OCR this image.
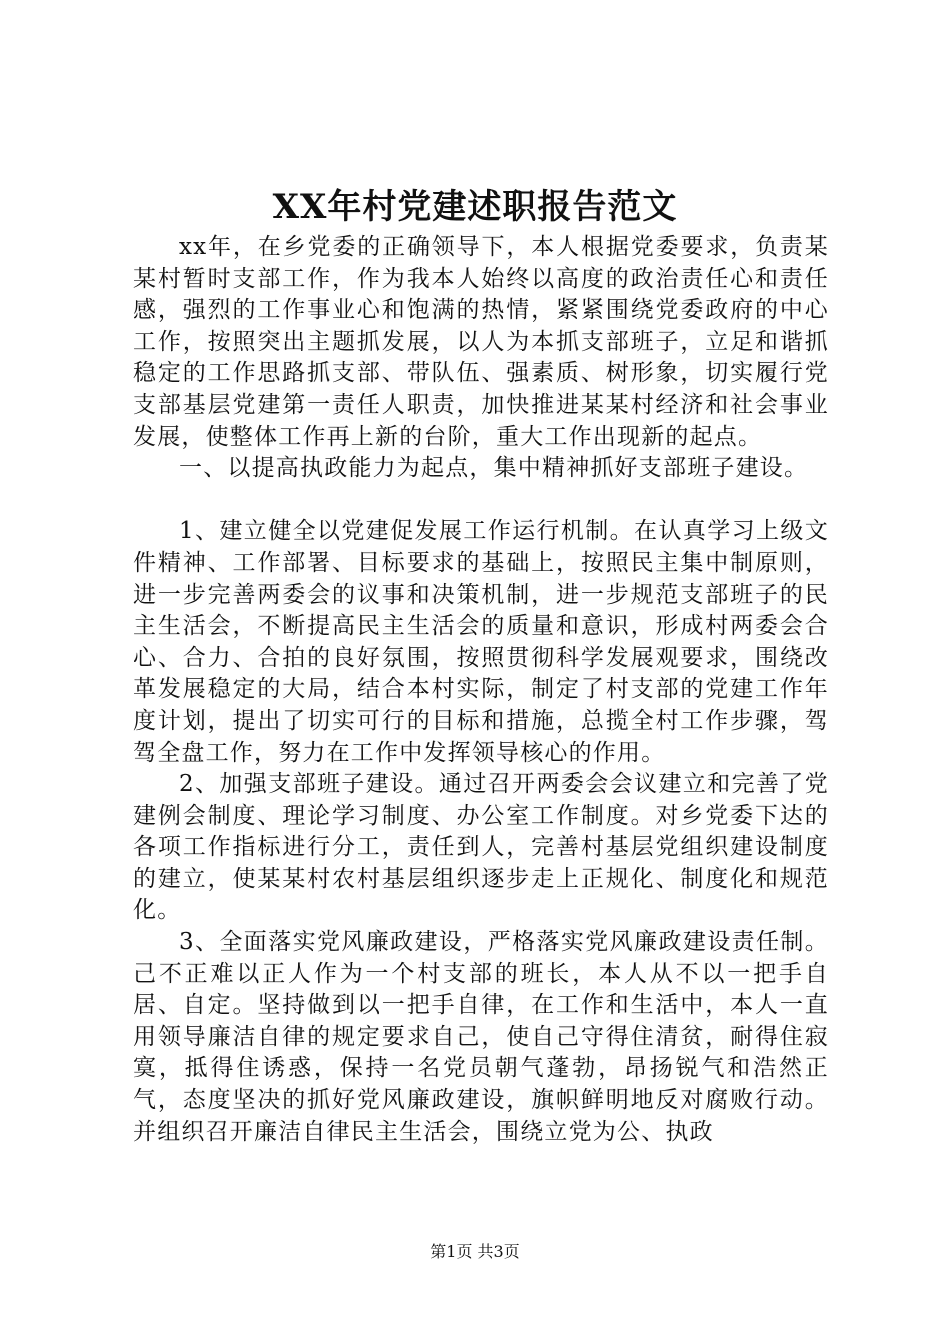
XX年村党建述职报告范文

xx年，在乡党委的正确领导下，本人根据党委要求，负责某某村暂时支部工作，作为我本人始终以高度的政治责任心和责任感，强烈的工作事业心和饱满的热情，紧紧围绕党委政府的中心工作，按照突出主题抓发展，以人为本抓支部班子，立足和谐抓稳定的工作思路抓支部、带队伍、强素质、树形象，切实履行党支部基层党建第一责任人职责，加快推进某某村经济和社会事业发展，使整体工作再上新的台阶，重大工作出现新的起点。

一、以提高执政能力为起点，集中精神抓好支部班子建设。

1、建立健全以党建促发展工作运行机制。在认真学习上级文件精神、工作部署、目标要求的基础上，按照民主集中制原则，进一步完善两委会的议事和决策机制，进一步规范支部班子的民主生活会，不断提高民主生活会的质量和意识，形成村两委会合心、合力、合拍的良好氛围，按照贯彻科学发展观要求，围绕改革发展稳定的大局，结合本村实际，制定了村支部的党建工作年度计划，提出了切实可行的目标和措施，总揽全村工作步骤，驾驾全盘工作，努力在工作中发挥领导核心的作用。

2、加强支部班子建设。通过召开两委会会议建立和完善了党建例会制度、理论学习制度、办公室工作制度。对乡党委下达的各项工作指标进行分工，责任到人，完善村基层党组织建设制度的建立，使某某村农村基层组织逐步走上正规化、制度化和规范化。

3、全面落实党风廉政建设，严格落实党风廉政建设责任制。己不正难以正人作为一个村支部的班长，本人从不以一把手自居、自定。坚持做到以一把手自律，在工作和生活中，本人一直用领导廉洁自律的规定要求自己，使自己守得住清贫，耐得住寂寞，抵得住诱惑，保持一名党员朝气蓬勃，昂扬锐气和浩然正气，态度坚决的抓好党风廉政建设，旗帜鲜明地反对腐败行动。并组织召开廉洁自律民主生活会，围绕立党为公、执政

第1页 共3页
